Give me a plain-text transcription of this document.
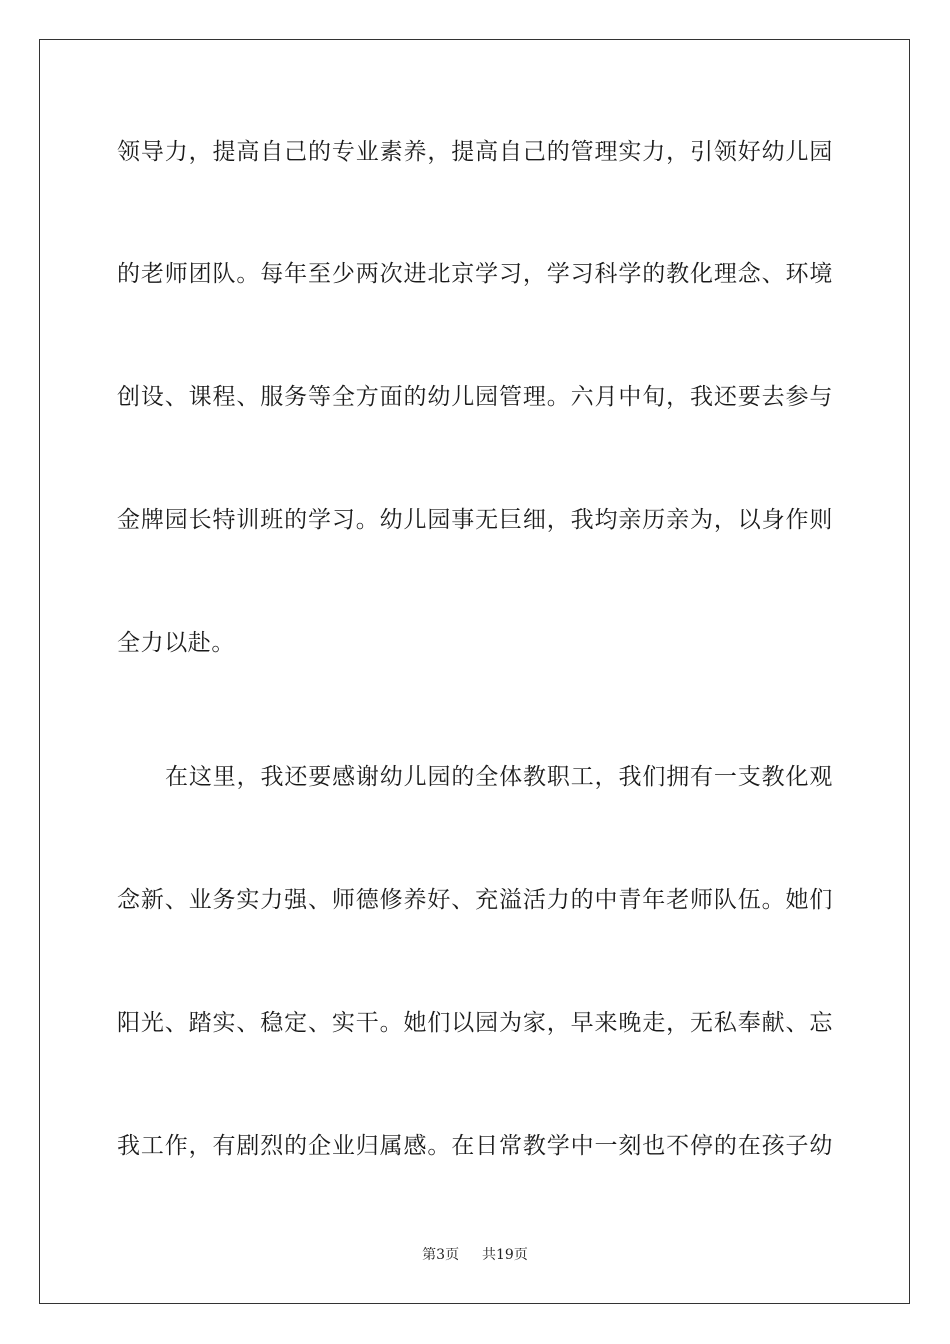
领导力，提高自己的专业素养，提高自己的管理实力，引领好幼儿园
的老师团队。每年至少两次进北京学习，学习科学的教化理念、环境
创设、课程、服务等全方面的幼儿园管理。六月中旬，我还要去参与
金牌园长特训班的学习。幼儿园事无巨细，我均亲历亲为，以身作则
全力以赴。
在这里，我还要感谢幼儿园的全体教职工，我们拥有一支教化观
念新、业务实力强、师德修养好、充溢活力的中青年老师队伍。她们
阳光、踏实、稳定、实干。她们以园为家，早来晚走，无私奉献、忘
我工作，有剧烈的企业归属感。在日常教学中一刻也不停的在孩子幼
第3页 共19页
